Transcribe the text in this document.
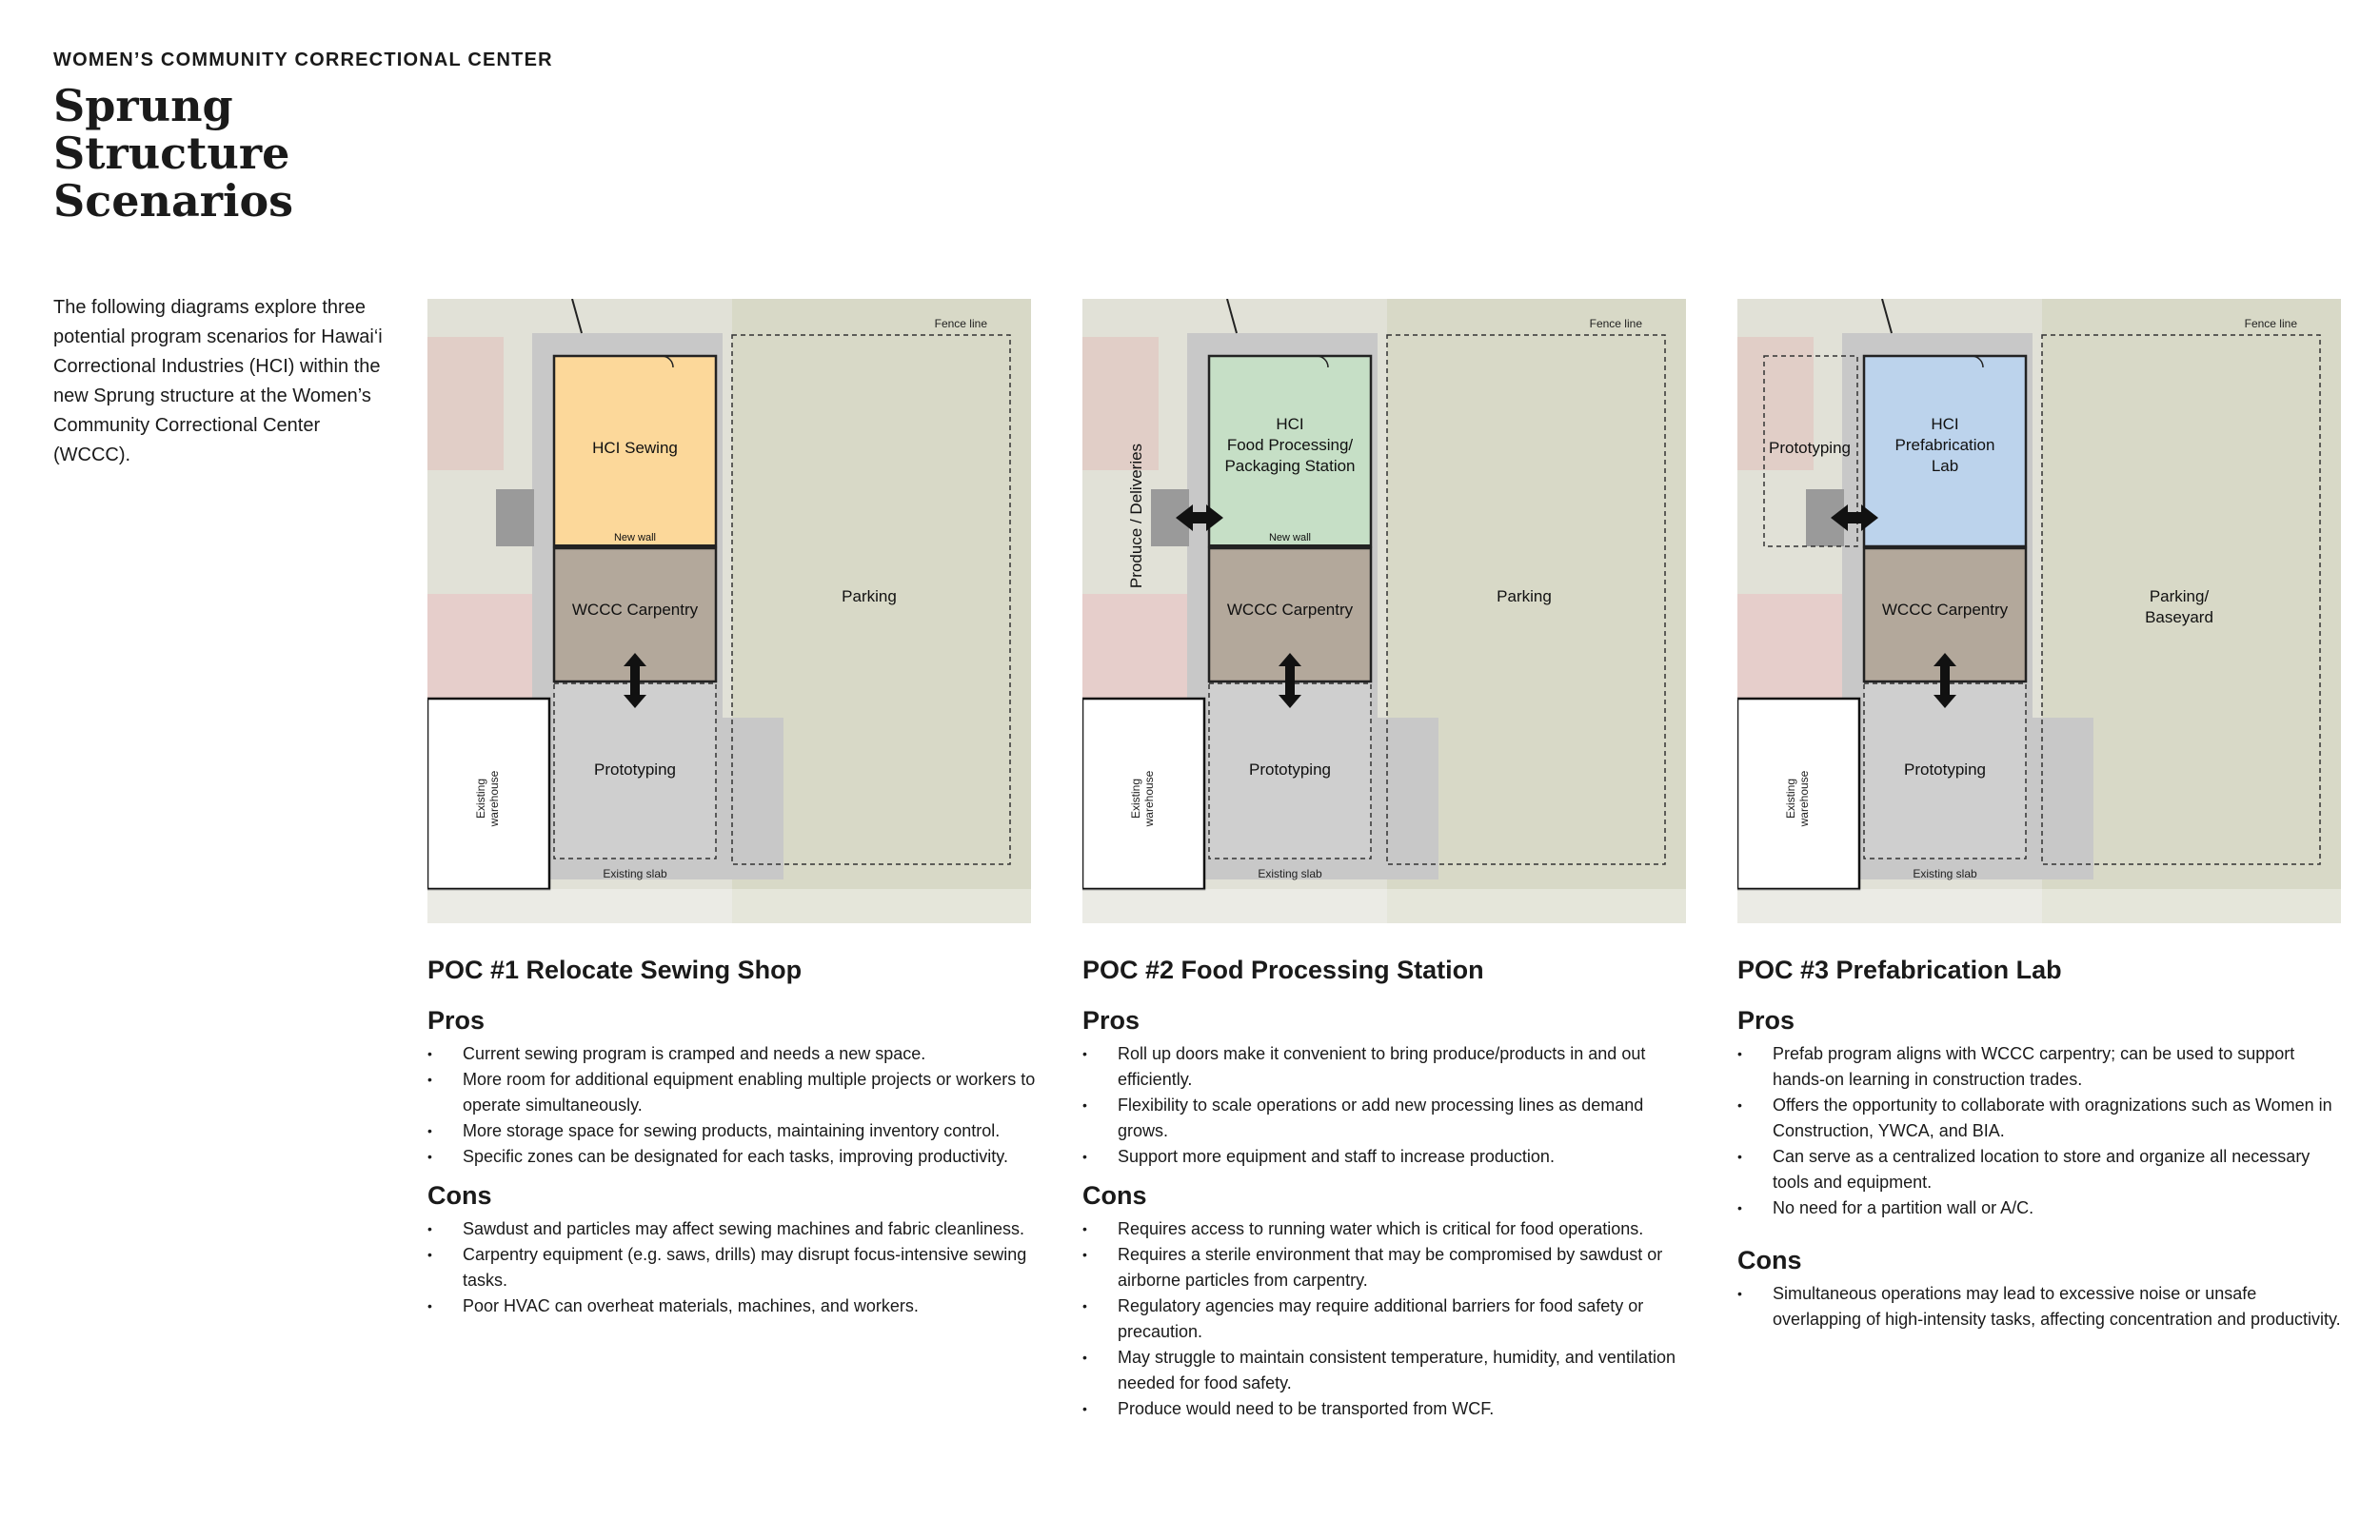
WOMEN’S COMMUNITY CORRECTIONAL CENTER
Sprung
Structure
Scenarios
The following diagrams explore three potential program scenarios for Hawai‘i Correctional Industries (HCI) within the new Sprung structure at the Women’s Community Correctional Center (WCCC).
Fence line
HCI Sewing
New wall
WCCC Carpentry
Prototyping
Parking
Existing slab
Existing warehouse
Fence line
HCI
Food Processing/
Packaging Station
New wall
Produce / Deliveries
WCCC Carpentry
Prototyping
Parking
Existing slab
Existing warehouse
Fence line
Prototyping
HCI
Prefabrication
Lab
WCCC Carpentry
Prototyping
Parking/
Baseyard
Existing slab
Existing warehouse
POC #1 Relocate Sewing Shop
Pros
• Current sewing program is cramped and needs a new space.
• More room for additional equipment enabling multiple projects or workers to operate simultaneously.
• More storage space for sewing products, maintaining inventory control.
• Specific zones can be designated for each tasks, improving productivity.
Cons
• Sawdust and particles may affect sewing machines and fabric cleanliness.
• Carpentry equipment (e.g. saws, drills) may disrupt focus-intensive sewing tasks.
• Poor HVAC can overheat materials, machines, and workers.
POC #2 Food Processing Station
Pros
• Roll up doors make it convenient to bring produce/products in and out efficiently.
• Flexibility to scale operations or add new processing lines as demand grows.
• Support more equipment and staff to increase production.
Cons
• Requires access to running water which is critical for food operations.
• Requires a sterile environment that may be compromised by sawdust or airborne particles from carpentry.
• Regulatory agencies may require additional barriers for food safety or precaution.
• May struggle to maintain consistent temperature, humidity, and ventilation needed for food safety.
• Produce would need to be transported from WCF.
POC #3 Prefabrication Lab
Pros
• Prefab program aligns with WCCC carpentry; can be used to support hands-on learning in construction trades.
• Offers the opportunity to collaborate with oragnizations such as Women in Construction, YWCA, and BIA.
• Can serve as a centralized location to store and organize all necessary tools and equipment.
• No need for a partition wall or A/C.
Cons
• Simultaneous operations may lead to excessive noise or unsafe overlapping of high-intensity tasks, affecting concentration and productivity.
